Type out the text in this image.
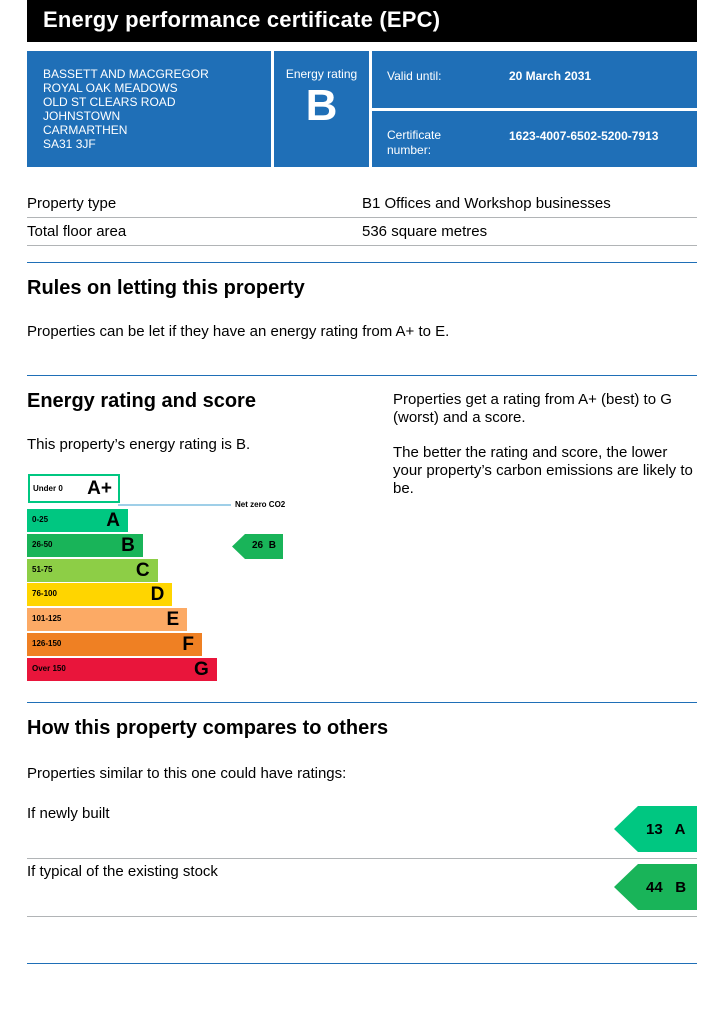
Energy performance certificate (EPC)
BASSETT AND MACGREGOR
ROYAL OAK MEADOWS
OLD ST CLEARS ROAD
JOHNSTOWN
CARMARTHEN
SA31 3JF
Energy rating
B
Valid until:	20 March 2031
Certificate
number:
1623-4007-6502-5200-7913
Property type	B1 Offices and Workshop businesses
Total floor area	536 square metres
Rules on letting this property

Properties can be let if they have an energy rating from A+ to E.

Energy rating and score

This property’s energy rating is B.

Properties get a rating from A+ (best) to G (worst) and a score.

The better the rating and score, the lower your property’s carbon emissions are likely to be.

Under 0 A+
Net zero CO2
0-25	A
26-50	B
51-75	C
76-100	D
101-125	E
126-150	F
Over 150	G
26 B
How this property compares to others

Properties similar to this one could have ratings:

If newly built

13 A

If typical of the existing stock

44 B
